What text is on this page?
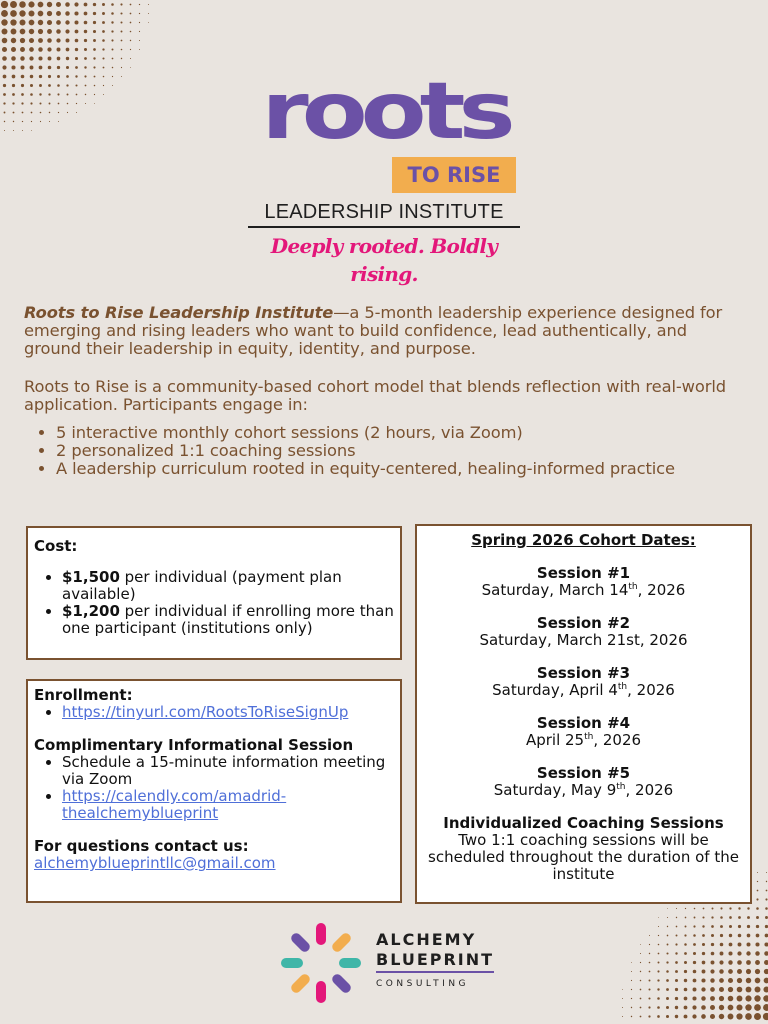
roots
TO RISE
LEADERSHIP INSTITUTE
Deeply rooted. Boldly rising.

Roots to Rise Leadership Institute—a 5-month leadership experience designed for emerging and rising leaders who want to build confidence, lead authentically, and ground their leadership in equity, identity, and purpose.

Roots to Rise is a community-based cohort model that blends reflection with real-world application. Participants engage in:

• 5 interactive monthly cohort sessions (2 hours, via Zoom)
• 2 personalized 1:1 coaching sessions
• A leadership curriculum rooted in equity-centered, healing-informed practice
Cost:
• $1,500 per individual (payment plan available)
• $1,200 per individual if enrolling more than one participant (institutions only)
Enrollment:
• https://tinyurl.com/RootsToRiseSignUp
Complimentary Informational Session
• Schedule a 15-minute information meeting via Zoom
• https://calendly.com/amadrid-thealchemyblueprint
For questions contact us:
alchemyblueprintllc@gmail.com
Spring 2026 Cohort Dates:
Session #1
Saturday, March 14th, 2026
Session #2
Saturday, March 21st, 2026
Session #3
Saturday, April 4th, 2026
Session #4
April 25th, 2026
Session #5
Saturday, May 9th, 2026
Individualized Coaching Sessions
Two 1:1 coaching sessions will be scheduled throughout the duration of the institute
ALCHEMY
BLUEPRINT
CONSULTING
